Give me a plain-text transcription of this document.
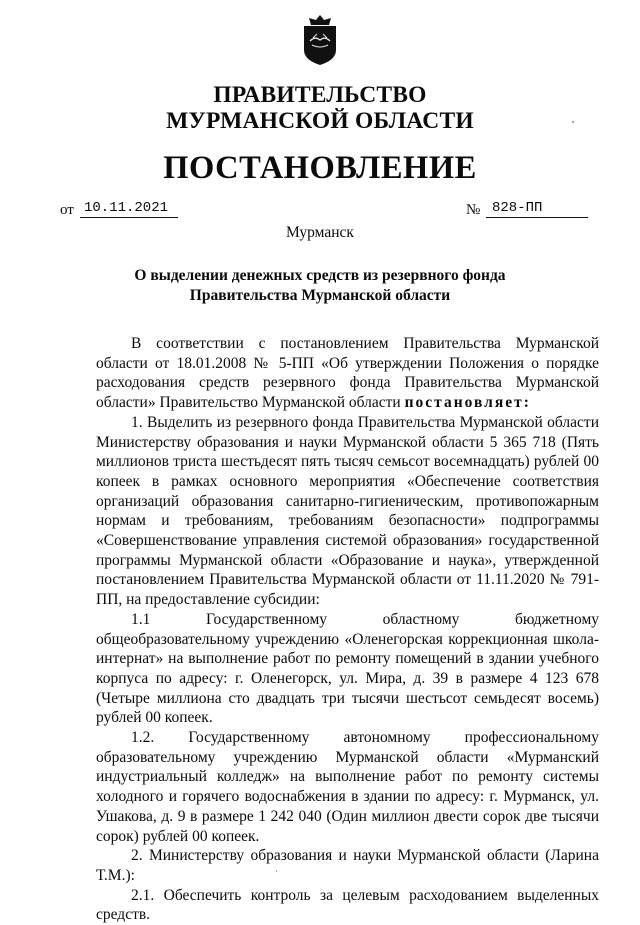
ПРАВИТЕЛЬСТВО
МУРМАНСКОЙ ОБЛАСТИ	'
ПОСТАНОВЛЕНИЕ
от 10.11.2021	№ 828-ПП
Мурманск
О выделении денежных средств из резервного фонда
Правительства Мурманской области

В соответствии с постановлением Правительства Мурманской области от 18.01.2008 № 5-ПП «Об утверждении Положения о порядке расходования средств резервного фонда Правительства Мурманской области» Правительство Мурманской области постановляет:

1. Выделить из резервного фонда Правительства Мурманской области Министерству образования и науки Мурманской области 5 365 718 (Пять миллионов триста шестьдесят пять тысяч семьсот восемнадцать) рублей 00 копеек в рамках основного мероприятия «Обеспечение соответствия организаций образования санитарно-гигиеническим, противопожарным нормам и требованиям, требованиям безопасности» подпрограммы «Совершенствование управления системой образования» государственной программы Мурманской области «Образование и наука», утвержденной постановлением Правительства Мурманской области от 11.11.2020 № 791-ПП, на предоставление субсидии:

1.1 Государственному областному бюджетному общеобразовательному учреждению «Оленегорская коррекционная школа-интернат» на выполнение работ по ремонту помещений в здании учебного корпуса по адресу: г. Оленегорск, ул. Мира, д. 39 в размере 4 123 678 (Четыре миллиона сто двадцать три тысячи шестьсот семьдесят восемь) рублей 00 копеек.

1.2. Государственному автономному профессиональному образовательному учреждению Мурманской области «Мурманский индустриальный колледж» на выполнение работ по ремонту системы холодного и горячего водоснабжения в здании по адресу: г. Мурманск, ул. Ушакова, д. 9 в размере 1 242 040 (Один миллион двести сорок две тысячи сорок) рублей 00 копеек.

2. Министерству образования и науки Мурманской области (Ларина Т.М.):

2.1. Обеспечить контроль за целевым расходованием выделенных средств.

·
